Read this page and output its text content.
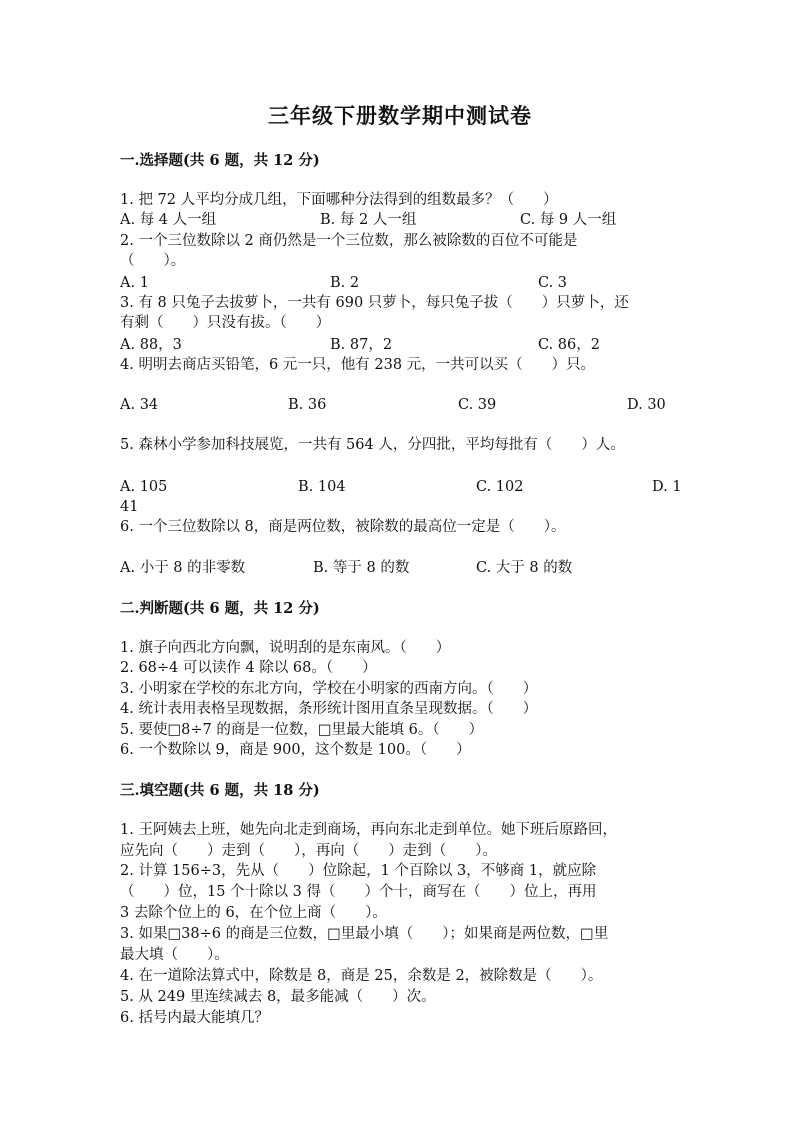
三年级下册数学期中测试卷
一.选择题(共 6 题，共 12 分)
1. 把 72 人平均分成几组，下面哪种分法得到的组数最多？（　　）
A. 每 4 人一组	B. 每 2 人一组	C. 每 9 人一组
2. 一个三位数除以 2 商仍然是一个三位数，那么被除数的百位不可能是
（　　）。
A. 1	B. 2	C. 3
3. 有 8 只兔子去拔萝卜，一共有 690 只萝卜，每只兔子拔（　　）只萝卜，还
有剩（　　）只没有拔。（　　）
A. 88，3	B. 87，2	C. 86，2
4. 明明去商店买铅笔，6 元一只，他有 238 元，一共可以买（　　）只。
A. 34	B. 36	C. 39	D. 30
5. 森林小学参加科技展览，一共有 564 人，分四批，平均每批有（　　）人。
A. 105	B. 104	C. 102	D. 1
41
6. 一个三位数除以 8，商是两位数，被除数的最高位一定是（　　）。
A. 小于 8 的非零数	B. 等于 8 的数	C. 大于 8 的数
二.判断题(共 6 题，共 12 分)
1. 旗子向西北方向飘，说明刮的是东南风。（　　）
2. 68÷4 可以读作 4 除以 68。（　　）
3. 小明家在学校的东北方向，学校在小明家的西南方向。（　　）
4. 统计表用表格呈现数据，条形统计图用直条呈现数据。（　　）
5. 要使□8÷7 的商是一位数，□里最大能填 6。（　　）
6. 一个数除以 9，商是 900，这个数是 100。（　　）
三.填空题(共 6 题，共 18 分)
1. 王阿姨去上班，她先向北走到商场，再向东北走到单位。她下班后原路回，
应先向（　　）走到（　　），再向（　　）走到（　　）。
2. 计算 156÷3，先从（　　）位除起，1 个百除以 3，不够商 1，就应除
（　　）位，15 个十除以 3 得（　　）个十，商写在（　　）位上，再用
3 去除个位上的 6，在个位上商（　　）。
3. 如果□38÷6 的商是三位数，□里最小填（　　）；如果商是两位数，□里
最大填（　　）。
4. 在一道除法算式中，除数是 8，商是 25，余数是 2，被除数是（　　）。
5. 从 249 里连续减去 8，最多能减（　　）次。
6. 括号内最大能填几？
